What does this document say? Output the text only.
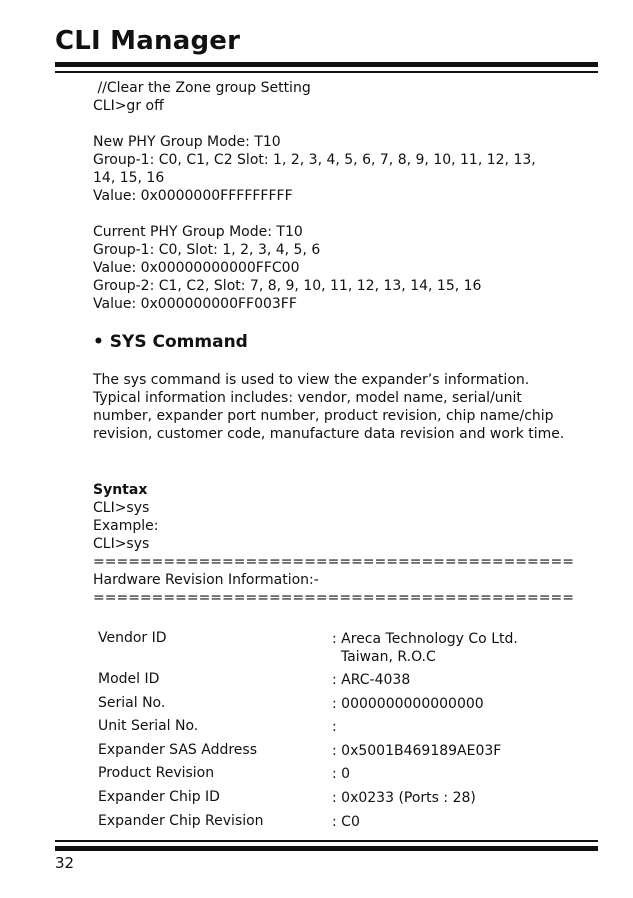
CLI Manager
//Clear the Zone group Setting
CLI>gr off
New PHY Group Mode: T10
Group-1: C0, C1, C2 Slot: 1, 2, 3, 4, 5, 6, 7, 8, 9, 10, 11, 12, 13,
14, 15, 16
Value: 0x0000000FFFFFFFFF
Current PHY Group Mode: T10
Group-1: C0, Slot: 1, 2, 3, 4, 5, 6
Value: 0x00000000000FFC00
Group-2: C1, C2, Slot: 7, 8, 9, 10, 11, 12, 13, 14, 15, 16
Value: 0x000000000FF003FF
• SYS Command
The sys command is used to view the expander’s information. Typical information includes: vendor, model name, serial/unit number, expander port number, product revision, chip name/chip revision, customer code, manufacture data revision and work time.
Syntax
CLI>sys
Example:
CLI>sys
=========================================
Hardware Revision Information:-
=========================================
Vendor ID	: Areca Technology Co Ltd.
Taiwan, R.O.C
Model ID	: ARC-4038
Serial No.	: 0000000000000000
Unit Serial No.	:
Expander SAS Address	: 0x5001B469189AE03F
Product Revision	: 0
Expander Chip ID	: 0x0233 (Ports : 28)
Expander Chip Revision	: C0
32
